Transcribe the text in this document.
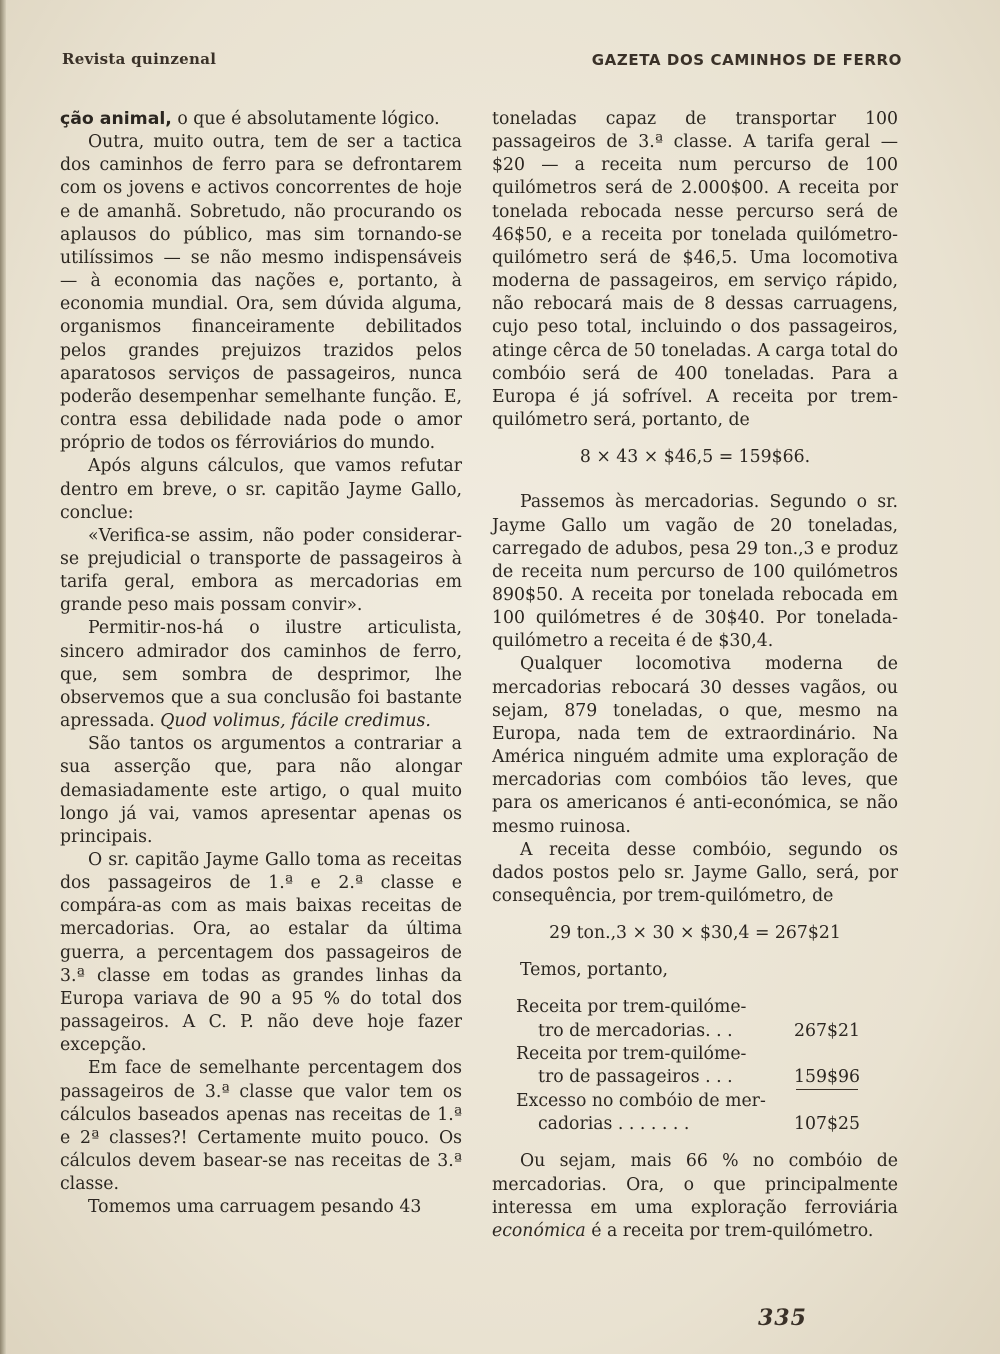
Revista quinzenal	GAZETA DOS CAMINHOS DE FERRO

ção animal, o que é absolutamente lógico.

Outra, muito outra, tem de ser a tactica dos caminhos de ferro para se defrontarem com os jovens e activos concorrentes de hoje e de amanhã. Sobretudo, não procurando os aplausos do público, mas sim tornando-se utilíssimos — se não mesmo indispensáveis — à economia das nações e, portanto, à economia mundial. Ora, sem dúvida alguma, organismos financeiramente debilitados pelos grandes prejuizos trazidos pelos aparatosos serviços de passageiros, nunca poderão desempenhar semelhante função. E, contra essa debilidade nada pode o amor próprio de todos os férroviários do mundo.

Após alguns cálculos, que vamos refutar dentro em breve, o sr. capitão Jayme Gallo, conclue:

«Verifica-se assim, não poder considerar-se prejudicial o transporte de passageiros à tarifa geral, embora as mercadorias em grande peso mais possam convir».

Permitir-nos-há o ilustre articulista, sincero admirador dos caminhos de ferro, que, sem sombra de desprimor, lhe observemos que a sua conclusão foi bastante apressada. Quod volimus, fácile credimus.

São tantos os argumentos a contrariar a sua asserção que, para não alongar demasiadamente este artigo, o qual muito longo já vai, vamos apresentar apenas os principais.

O sr. capitão Jayme Gallo toma as receitas dos passageiros de 1.ª e 2.ª classe e compára-as com as mais baixas receitas de mercadorias. Ora, ao estalar da última guerra, a percentagem dos passageiros de 3.ª classe em todas as grandes linhas da Europa variava de 90 a 95 % do total dos passageiros. A C. P. não deve hoje fazer excepção.

Em face de semelhante percentagem dos passageiros de 3.ª classe que valor tem os cálculos baseados apenas nas receitas de 1.ª e 2ª classes?! Certamente muito pouco. Os cálculos devem basear-se nas receitas de 3.ª classe.

Tomemos uma carruagem pesando 43

toneladas capaz de transportar 100 passageiros de 3.ª classe. A tarifa geral — $20 — a receita num percurso de 100 quilómetros será de 2.000$00. A receita por tonelada rebocada nesse percurso será de 46$50, e a receita por tonelada quilómetro-quilómetro será de $46,5. Uma locomotiva moderna de passageiros, em serviço rápido, não rebocará mais de 8 dessas carruagens, cujo peso total, incluindo o dos passageiros, atinge cêrca de 50 toneladas. A carga total do combóio será de 400 toneladas. Para a Europa é já sofrível. A receita por trem-quilómetro será, portanto, de

8 × 43 × $46,5 = 159$66.

Passemos às mercadorias. Segundo o sr. Jayme Gallo um vagão de 20 toneladas, carregado de adubos, pesa 29 ton.,3 e produz de receita num percurso de 100 quilómetros 890$50. A receita por tonelada rebocada em 100 quilómetres é de 30$40. Por tonelada-quilómetro a receita é de $30,4.

Qualquer locomotiva moderna de mercadorias rebocará 30 desses vagãos, ou sejam, 879 toneladas, o que, mesmo na Europa, nada tem de extraordinário. Na América ninguém admite uma exploração de mercadorias com combóios tão leves, que para os americanos é anti-económica, se não mesmo ruinosa.

A receita desse combóio, segundo os dados postos pelo sr. Jayme Gallo, será, por consequência, por trem-quilómetro, de

29 ton.,3 × 30 × $30,4 = 267$21

Temos, portanto,

Receita por trem-quilóme-
tro de mercadorias. . .	267$21
Receita por trem-quilóme-
tro de passageiros . . .	159$96
Excesso no combóio de mer-
cadorias . . . . . . .	107$25

Ou sejam, mais 66 % no combóio de mercadorias. Ora, o que principalmente interessa em uma exploração ferroviária económica é a receita por trem-quilómetro.

335
